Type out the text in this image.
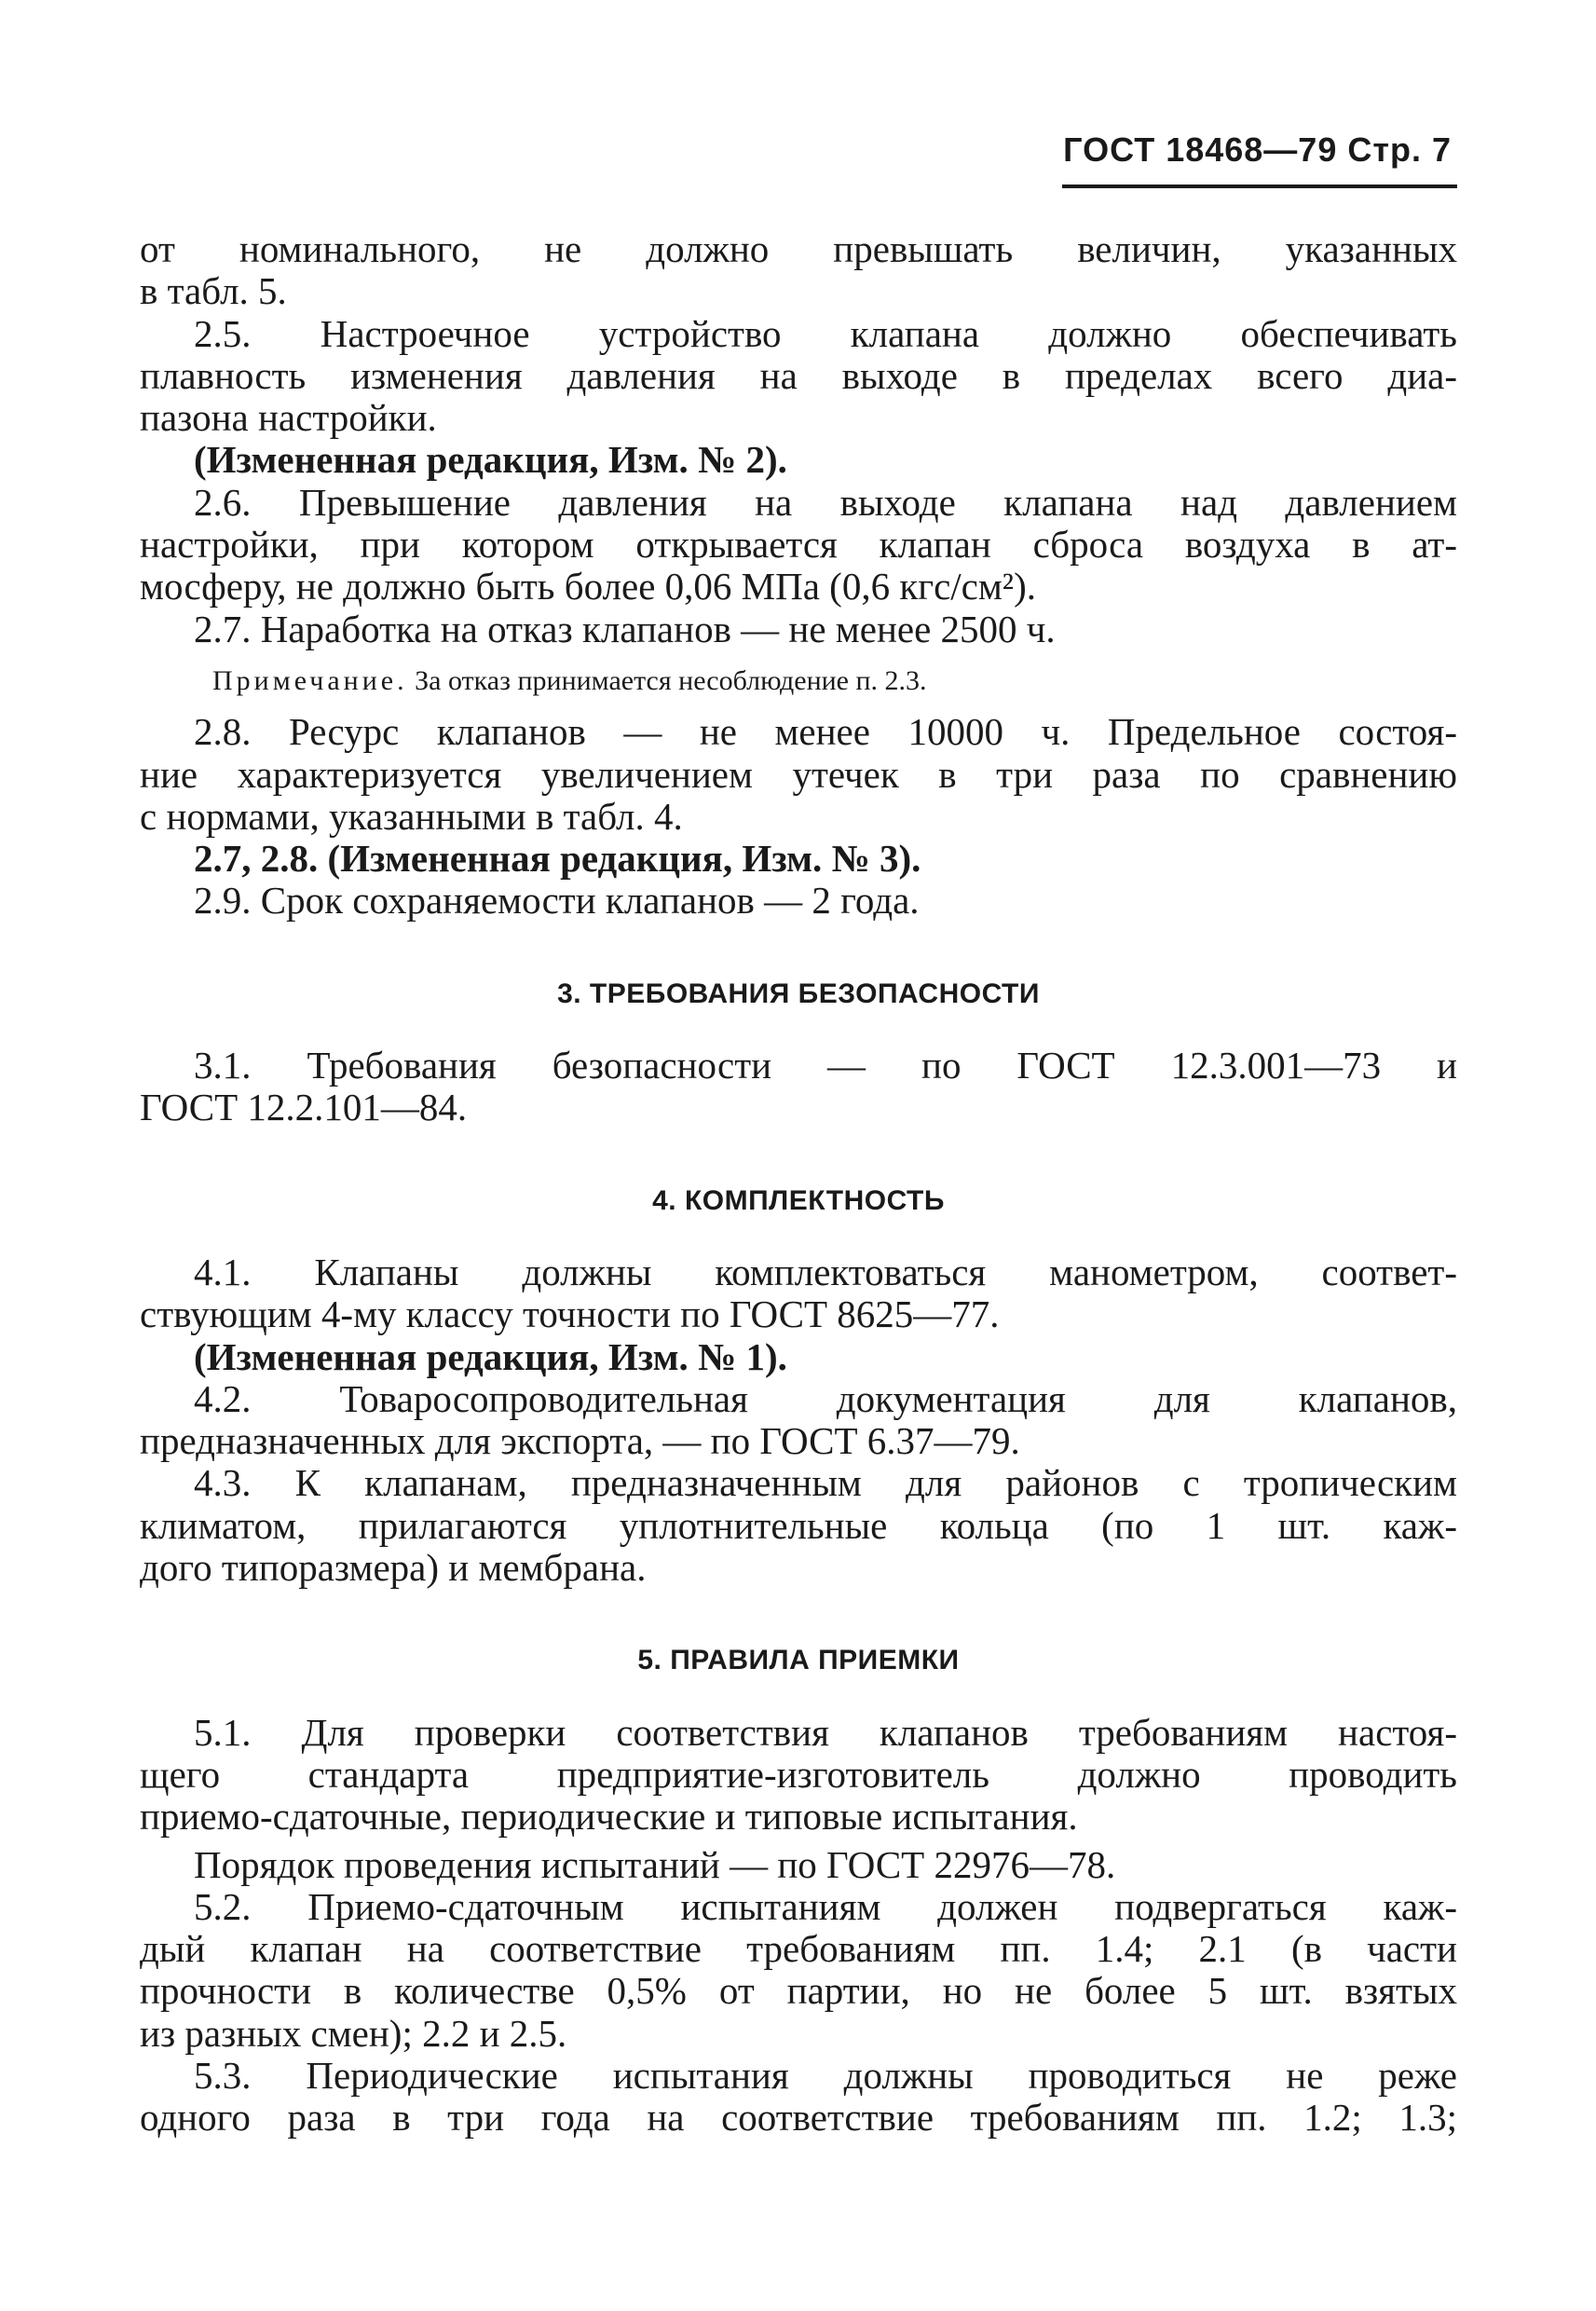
ГОСТ 18468—79 Стр. 7
от номинального, не должно превышать величин, указанных
в табл. 5.
2.5. Настроечное устройство клапана должно обеспечивать
плавность изменения давления на выходе в пределах всего диа-
пазона настройки.
(Измененная редакция, Изм. № 2).
2.6. Превышение давления на выходе клапана над давлением
настройки, при котором открывается клапан сброса воздуха в ат-
мосферу, не должно быть более 0,06 МПа (0,6 кгс/см²).
2.7. Наработка на отказ клапанов — не менее 2500 ч.
Примечание. За отказ принимается несоблюдение п. 2.3.
2.8. Ресурс клапанов — не менее 10000 ч. Предельное состоя-
ние характеризуется увеличением утечек в три раза по сравнению
с нормами, указанными в табл. 4.
2.7, 2.8. (Измененная редакция, Изм. № 3).
2.9. Срок сохраняемости клапанов — 2 года.
3. ТРЕБОВАНИЯ БЕЗОПАСНОСТИ
3.1. Требования безопасности — по ГОСТ 12.3.001—73 и
ГОСТ 12.2.101—84.
4. КОМПЛЕКТНОСТЬ
4.1. Клапаны должны комплектоваться манометром, соответ-
ствующим 4-му классу точности по ГОСТ 8625—77.
(Измененная редакция, Изм. № 1).
4.2. Товаросопроводительная документация для клапанов,
предназначенных для экспорта, — по ГОСТ 6.37—79.
4.3. К клапанам, предназначенным для районов с тропическим
климатом, прилагаются уплотнительные кольца (по 1 шт. каж-
дого типоразмера) и мембрана.
5. ПРАВИЛА ПРИЕМКИ
5.1. Для проверки соответствия клапанов требованиям настоя-
щего стандарта предприятие-изготовитель должно проводить
приемо-сдаточные, периодические и типовые испытания.
Порядок проведения испытаний — по ГОСТ 22976—78.
5.2. Приемо-сдаточным испытаниям должен подвергаться каж-
дый клапан на соответствие требованиям пп. 1.4; 2.1 (в части
прочности в количестве 0,5% от партии, но не более 5 шт. взятых
из разных смен); 2.2 и 2.5.
5.3. Периодические испытания должны проводиться не реже
одного раза в три года на соответствие требованиям пп. 1.2; 1.3;
